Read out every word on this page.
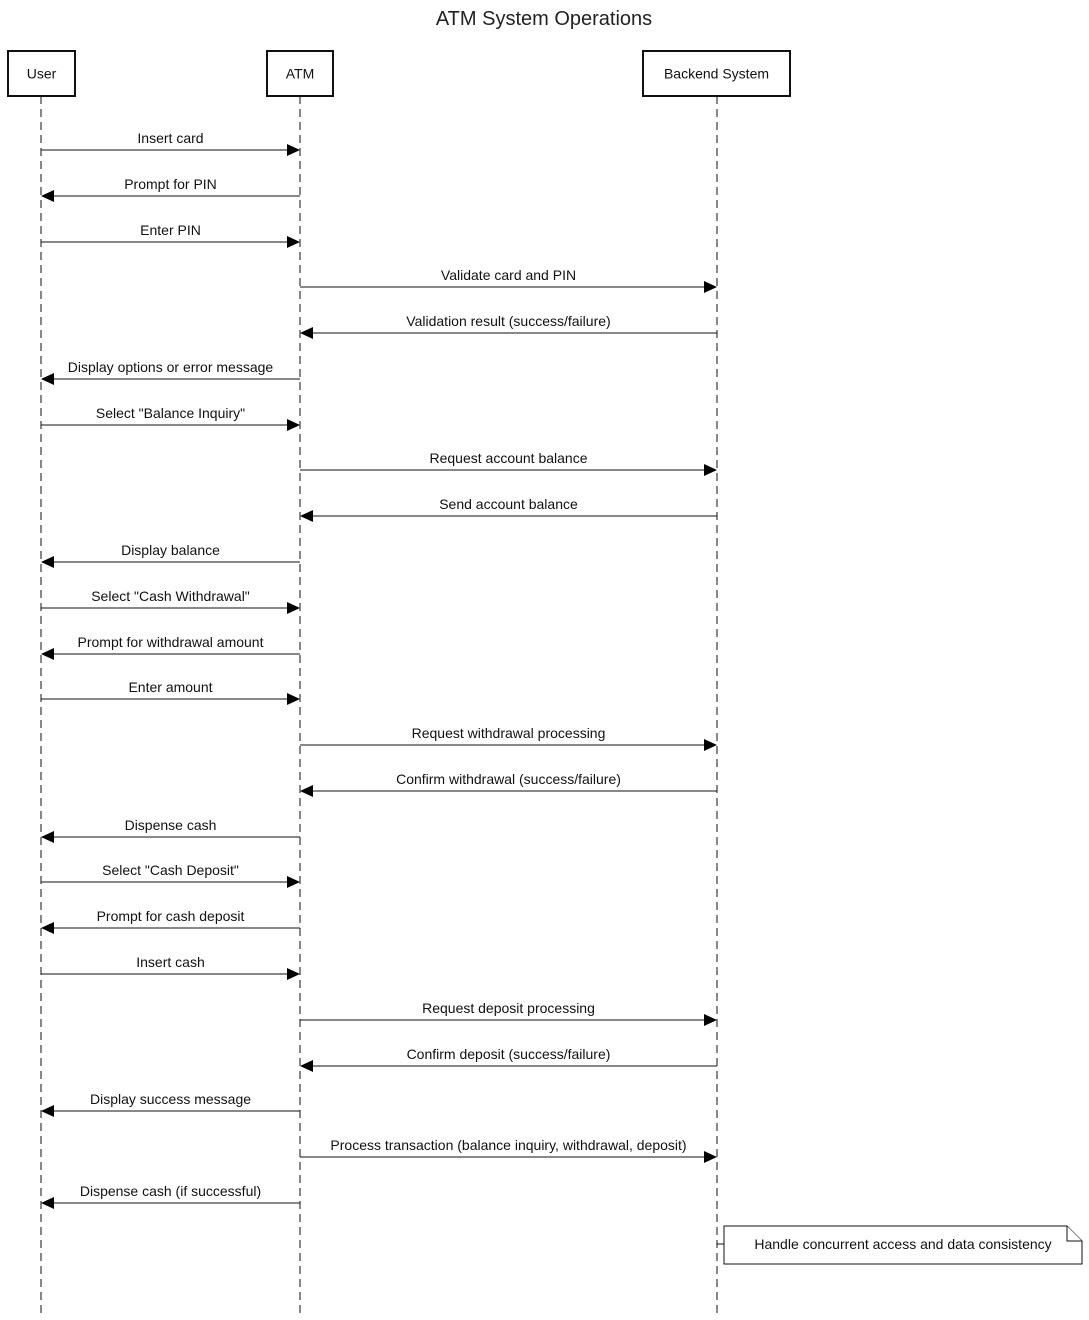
ATM System Operations
User	ATM	Backend System
Insert card
Prompt for PIN
Enter PIN
Validate card and PIN
Validation result (success/failure)
Display options or error message
Select "Balance Inquiry"
Request account balance
Send account balance
Display balance
Select "Cash Withdrawal"
Prompt for withdrawal amount
Enter amount
Request withdrawal processing
Confirm withdrawal (success/failure)
Dispense cash
Select "Cash Deposit"
Prompt for cash deposit
Insert cash
Request deposit processing
Confirm deposit (success/failure)
Display success message
Process transaction (balance inquiry, withdrawal, deposit)
Dispense cash (if successful)
Handle concurrent access and data consistency
